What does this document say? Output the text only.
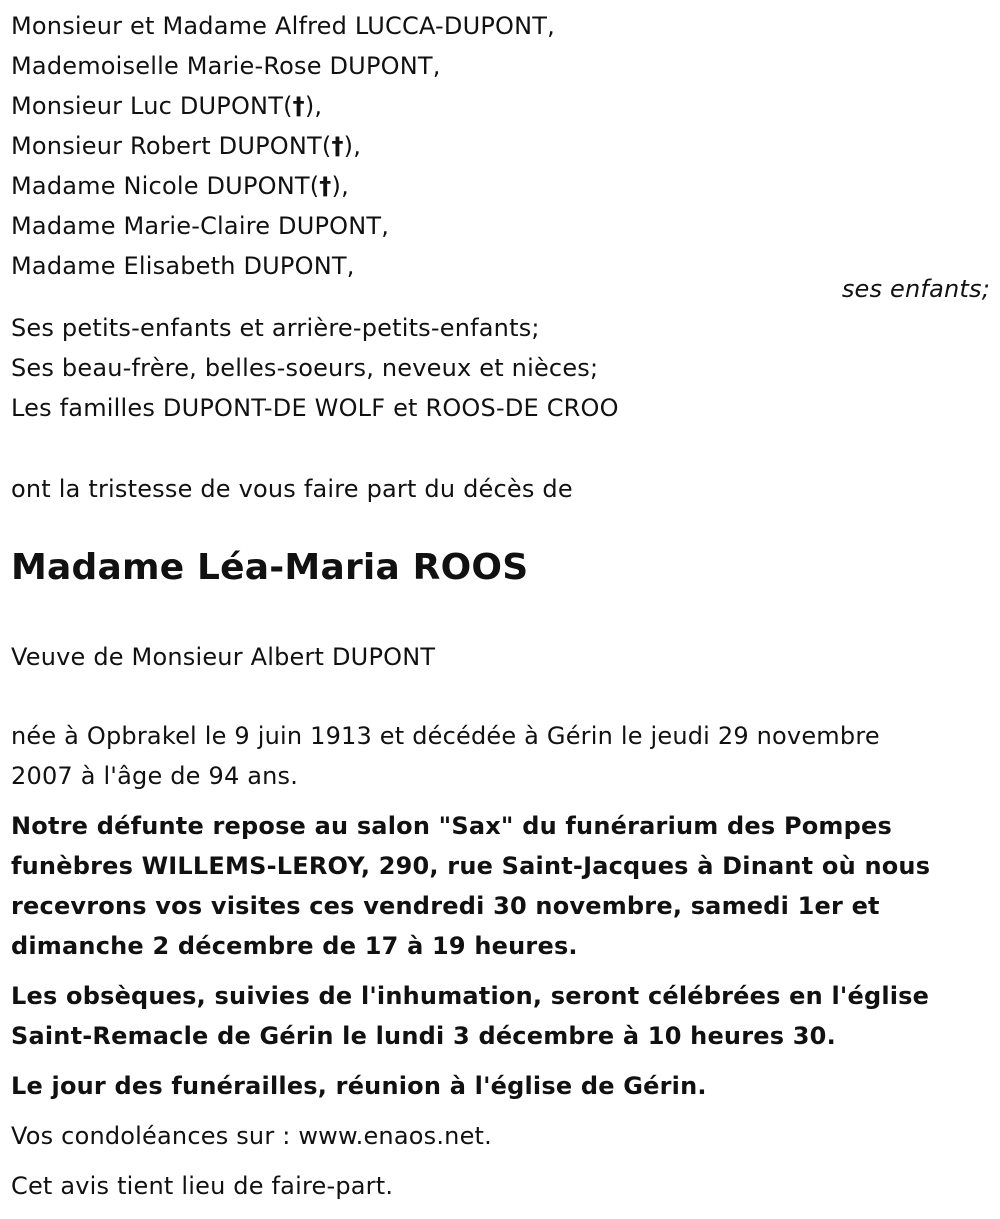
Monsieur et Madame Alfred LUCCA-DUPONT,
Mademoiselle Marie-Rose DUPONT,
Monsieur Luc DUPONT(†),
Monsieur Robert DUPONT(†),
Madame Nicole DUPONT(†),
Madame Marie-Claire DUPONT,
Madame Elisabeth DUPONT,
ses enfants;
Ses petits-enfants et arrière-petits-enfants;
Ses beau-frère, belles-soeurs, neveux et nièces;
Les familles DUPONT-DE WOLF et ROOS-DE CROO
ont la tristesse de vous faire part du décès de
Madame Léa-Maria ROOS
Veuve de Monsieur Albert DUPONT
née à Opbrakel le 9 juin 1913 et décédée à Gérin le jeudi 29 novembre
2007 à l'âge de 94 ans.
Notre défunte repose au salon "Sax" du funérarium des Pompes
funèbres WILLEMS-LEROY, 290, rue Saint-Jacques à Dinant où nous
recevrons vos visites ces vendredi 30 novembre, samedi 1er et
dimanche 2 décembre de 17 à 19 heures.
Les obsèques, suivies de l'inhumation, seront célébrées en l'église
Saint-Remacle de Gérin le lundi 3 décembre à 10 heures 30.
Le jour des funérailles, réunion à l'église de Gérin.
Vos condoléances sur : www.enaos.net.
Cet avis tient lieu de faire-part.
